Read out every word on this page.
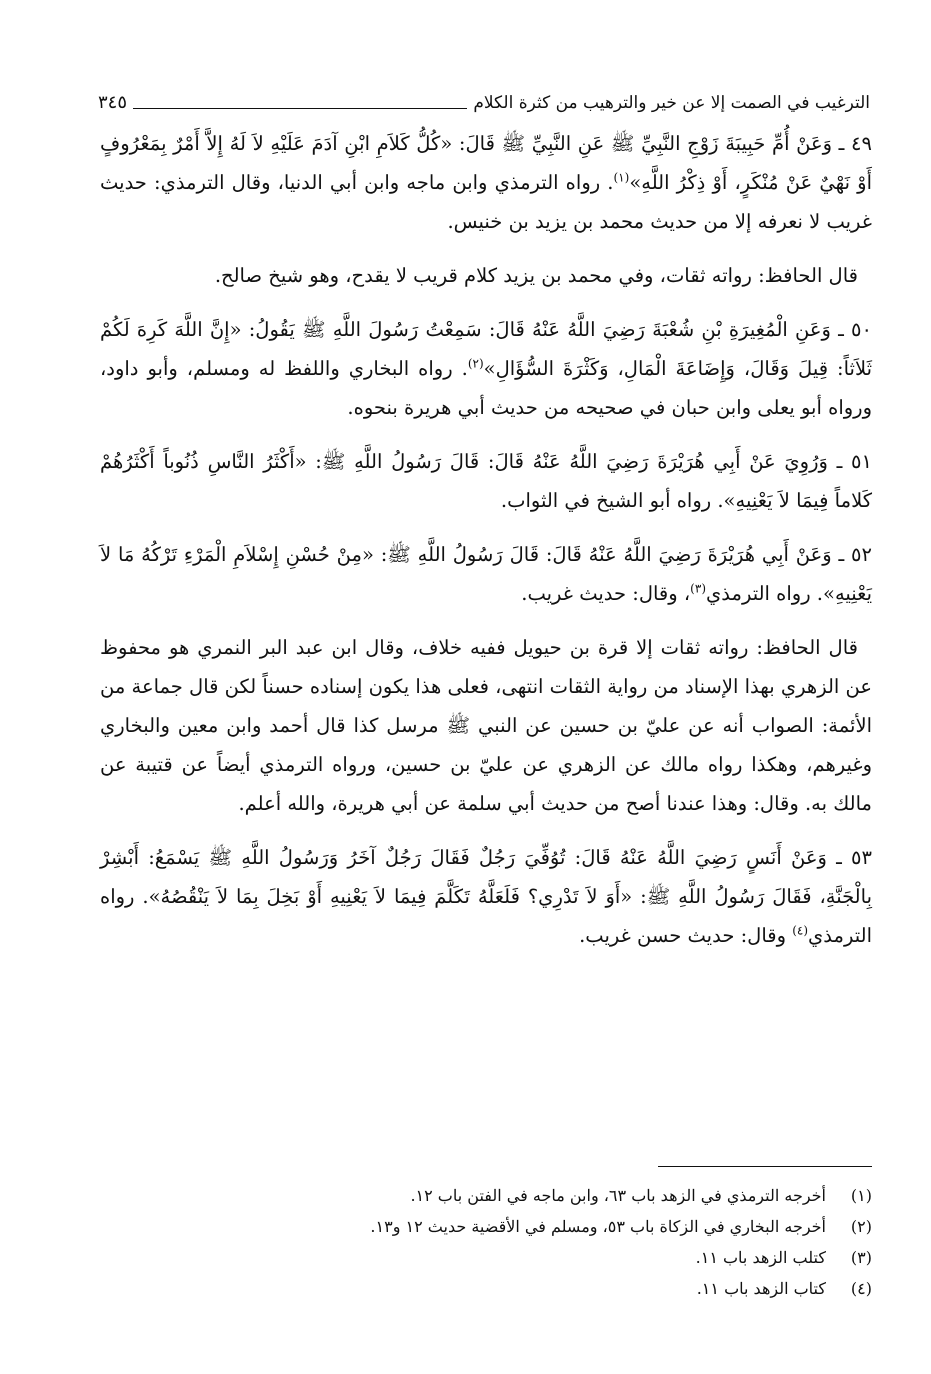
الترغيب في الصمت إلا عن خير والترهيب من كثرة الكلام
٣٤٥

٤٩ ـ وَعَنْ أُمِّ حَبِيبَةَ زَوْجِ النَّبِيِّ ﷺ عَنِ النَّبِيِّ ﷺ قَالَ: «كُلُّ كَلاَمِ ابْنِ آدَمَ عَلَيْهِ لاَ لَهُ إِلاَّ أَمْرٌ بِمَعْرُوفٍ أَوْ نَهْيٌ عَنْ مُنْكَرٍ، أَوْ ذِكْرُ اللَّهِ»$^{(١)}$. رواه الترمذي وابن ماجه وابن أبي الدنيا، وقال الترمذي: حديث غريب لا نعرفه إلا من حديث محمد بن يزيد بن خنيس.

قال الحافظ: رواته ثقات، وفي محمد بن يزيد كلام قريب لا يقدح، وهو شيخ صالح.

٥٠ ـ وَعَنِ الْمُغِيرَةِ بْنِ شُعْبَةَ رَضِيَ اللَّهُ عَنْهُ قَالَ: سَمِعْتُ رَسُولَ اللَّهِ ﷺ يَقُولُ: «إِنَّ اللَّهَ كَرِهَ لَكُمْ ثَلاَثاً: قِيلَ وَقَالَ، وَإِضَاعَةَ الْمَالِ، وَكَثْرَةَ السُّؤَالِ»$^{(٢)}$. رواه البخاري واللفظ له ومسلم، وأبو داود، ورواه أبو يعلى وابن حبان في صحيحه من حديث أبي هريرة بنحوه.

٥١ ـ وَرُوِيَ عَنْ أَبِي هُرَيْرَةَ رَضِيَ اللَّهُ عَنْهُ قَالَ: قَالَ رَسُولُ اللَّهِ ﷺ: «أَكْثَرُ النَّاسِ ذُنُوباً أَكْثَرُهُمْ كَلاماً فِيمَا لاَ يَعْنِيهِ». رواه أبو الشيخ في الثواب.

٥٢ ـ وَعَنْ أَبِي هُرَيْرَةَ رَضِيَ اللَّهُ عَنْهُ قَالَ: قَالَ رَسُولُ اللَّهِ ﷺ: «مِنْ حُسْنِ إِسْلاَمِ الْمَرْءِ تَرْكُهُ مَا لاَ يَعْنِيهِ». رواه الترمذي$^{(٣)}$، وقال: حديث غريب.

قال الحافظ: رواته ثقات إلا قرة بن حيويل ففيه خلاف، وقال ابن عبد البر النمري هو محفوظ عن الزهري بهذا الإسناد من رواية الثقات انتهى، فعلى هذا يكون إسناده حسناً لكن قال جماعة من الأئمة: الصواب أنه عن عليّ بن حسين عن النبي ﷺ مرسل كذا قال أحمد وابن معين والبخاري وغيرهم، وهكذا رواه مالك عن الزهري عن عليّ بن حسين، ورواه الترمذي أيضاً عن قتيبة عن مالك به. وقال: وهذا عندنا أصح من حديث أبي سلمة عن أبي هريرة، والله أعلم.

٥٣ ـ وَعَنْ أَنَسٍ رَضِيَ اللَّهُ عَنْهُ قَالَ: تُوُفِّيَ رَجُلٌ فَقَالَ رَجُلٌ آخَرُ وَرَسُولُ اللَّهِ ﷺ يَسْمَعُ: أَبْشِرْ بِالْجَنَّةِ، فَقَالَ رَسُولُ اللَّهِ ﷺ: «أَوَ لاَ تَدْرِي؟ فَلَعَلَّهُ تَكَلَّمَ فِيمَا لاَ يَعْنِيهِ أَوْ بَخِلَ بِمَا لاَ يَنْقُصُهُ». رواه الترمذي$^{(٤)}$ وقال: حديث حسن غريب.

(١)
أخرجه الترمذي في الزهد باب ٦٣، وابن ماجه في الفتن باب ١٢.
(٢)
أخرجه البخاري في الزكاة باب ٥٣، ومسلم في الأقضية حديث ١٢ و١٣.
(٣)
كتلب الزهد باب ١١.
(٤)
كتاب الزهد باب ١١.
